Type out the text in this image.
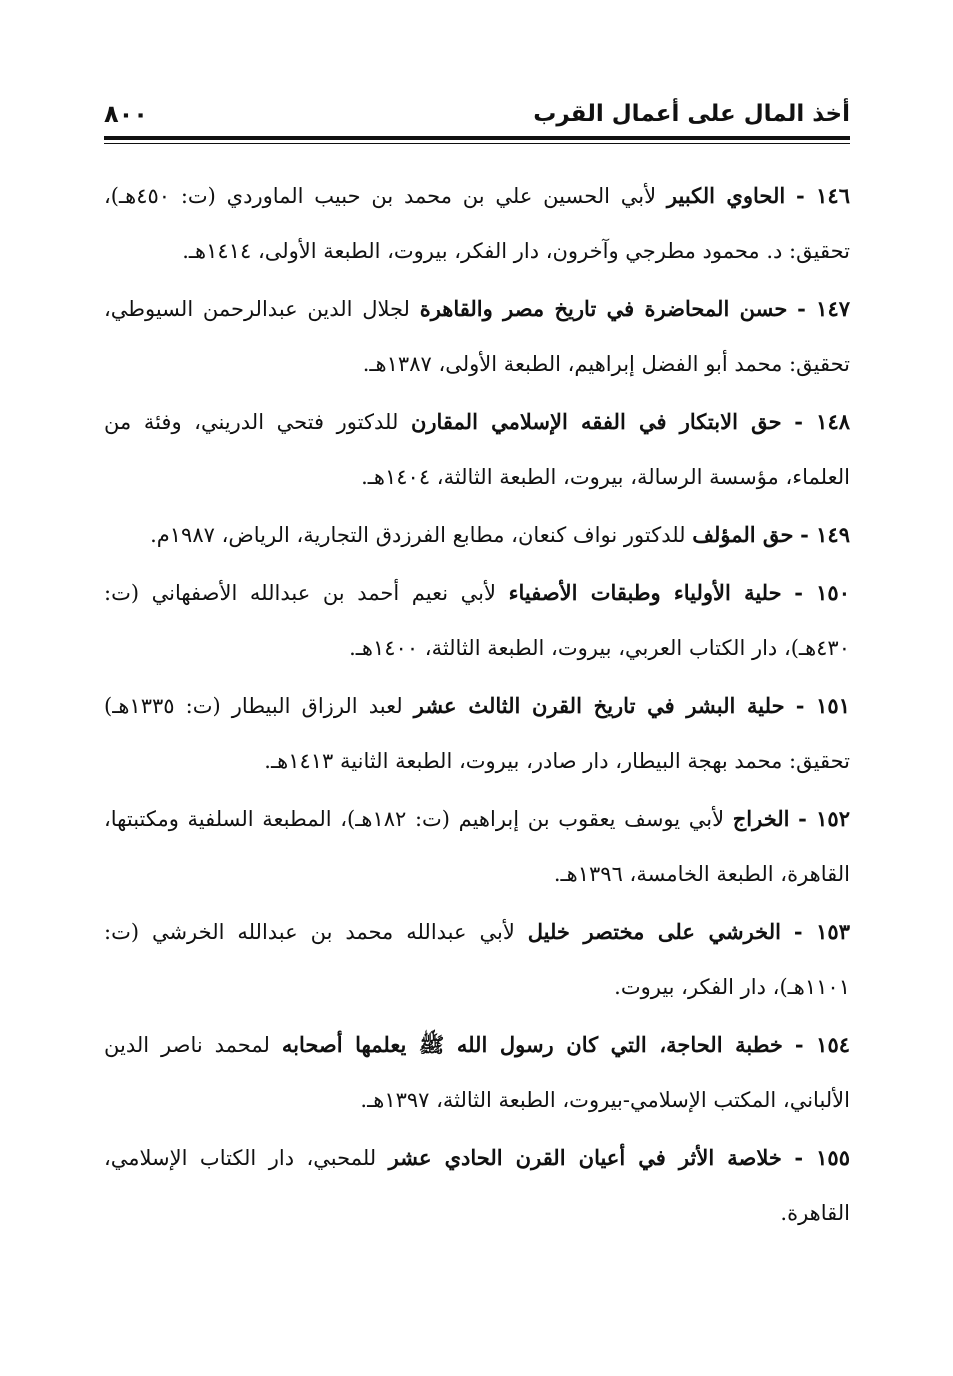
أخذ المال على أعمال القرب
٨٠٠

١٤٦ - الحاوي الكبير لأبي الحسين علي بن محمد بن حبيب الماوردي (ت: ٤٥٠هـ)، تحقيق: د. محمود مطرجي وآخرون، دار الفكر، بيروت، الطبعة الأولى، ١٤١٤هـ.

١٤٧ - حسن المحاضرة في تاريخ مصر والقاهرة لجلال الدين عبدالرحمن السيوطي، تحقيق: محمد أبو الفضل إبراهيم، الطبعة الأولى، ١٣٨٧هـ.

١٤٨ - حق الابتكار في الفقه الإسلامي المقارن للدكتور فتحي الدريني، وفئة من العلماء، مؤسسة الرسالة، بيروت، الطبعة الثالثة، ١٤٠٤هـ.

١٤٩ - حق المؤلف للدكتور نواف كنعان، مطابع الفرزدق التجارية، الرياض، ١٩٨٧م.

١٥٠ - حلية الأولياء وطبقات الأصفياء لأبي نعيم أحمد بن عبدالله الأصفهاني (ت: ٤٣٠هـ)، دار الكتاب العربي، بيروت، الطبعة الثالثة، ١٤٠٠هـ.

١٥١ - حلية البشر في تاريخ القرن الثالث عشر لعبد الرزاق البيطار (ت: ١٣٣٥هـ) تحقيق: محمد بهجة البيطار، دار صادر، بيروت، الطبعة الثانية ١٤١٣هـ.

١٥٢ - الخراج لأبي يوسف يعقوب بن إبراهيم (ت: ١٨٢هـ)، المطبعة السلفية ومكتبتها، القاهرة، الطبعة الخامسة، ١٣٩٦هـ.

١٥٣ - الخرشي على مختصر خليل لأبي عبدالله محمد بن عبدالله الخرشي (ت: ١١٠١هـ)، دار الفكر، بيروت.

١٥٤ - خطبة الحاجة، التي كان رسول الله ﷺ يعلمها أصحابه لمحمد ناصر الدين الألباني، المكتب الإسلامي-بيروت، الطبعة الثالثة، ١٣٩٧هـ.

١٥٥ - خلاصة الأثر في أعيان القرن الحادي عشر للمحبي، دار الكتاب الإسلامي، القاهرة.
